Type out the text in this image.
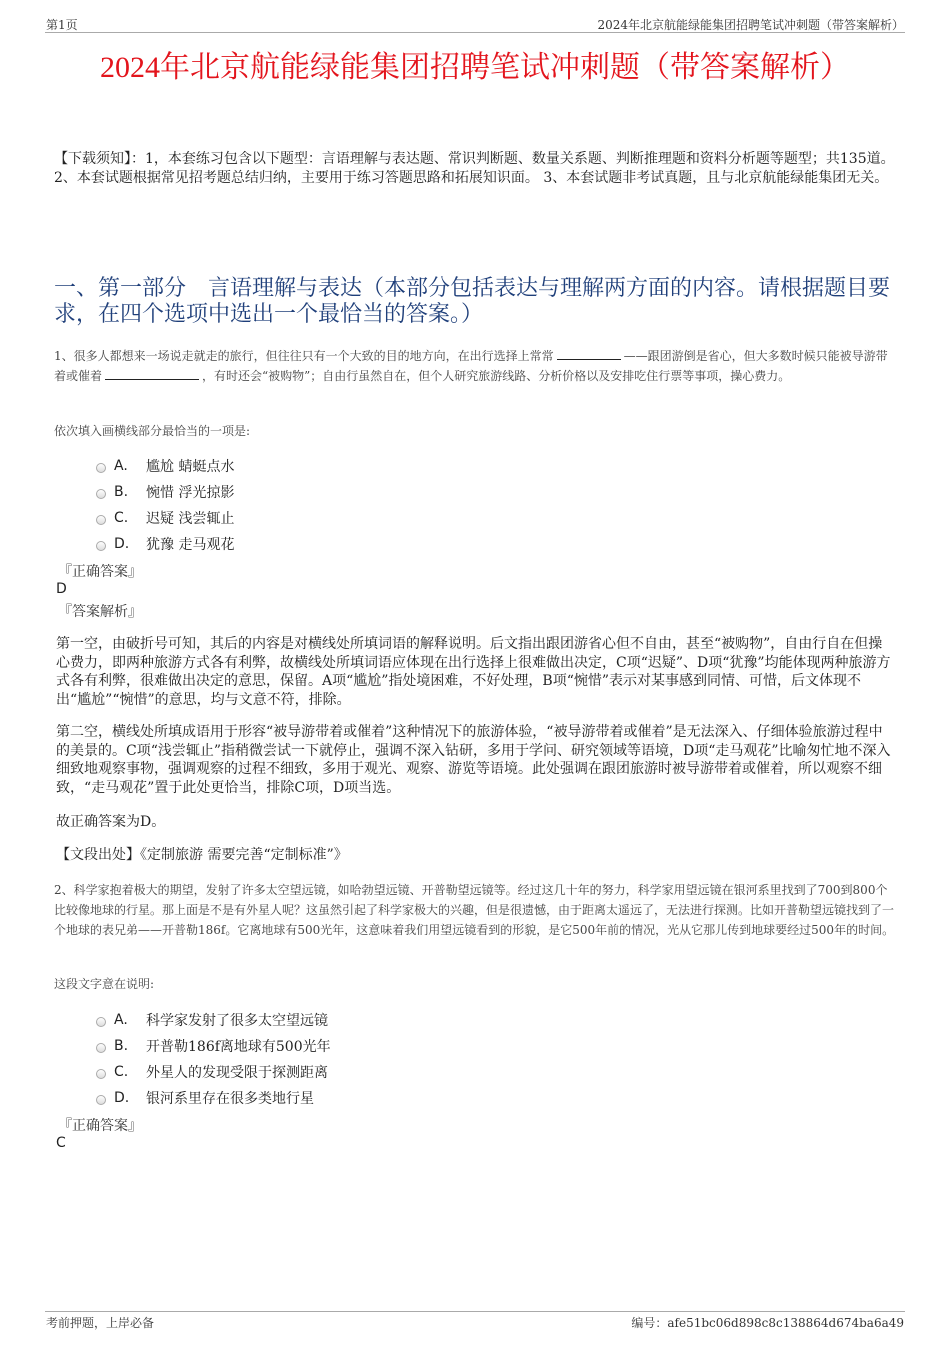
第1页	2024年北京航能绿能集团招聘笔试冲刺题（带答案解析）
2024年北京航能绿能集团招聘笔试冲刺题（带答案解析）
【下载须知】：1，本套练习包含以下题型：言语理解与表达题、常识判断题、数量关系题、判断推理题和资料分析题等题型；共135道。 2、本套试题根据常见招考题总结归纳，主要用于练习答题思路和拓展知识面。 3、本套试题非考试真题，且与北京航能绿能集团无关。
一、第一部分　言语理解与表达（本部分包括表达与理解两方面的内容。请根据题目要求，在四个选项中选出一个最恰当的答案。）
1、很多人都想来一场说走就走的旅行，但往往只有一个大致的目的地方向，在出行选择上常常	——跟团游倒是省心，但大多数时候只能被导游带着或催着	，有时还会“被购物”；自由行虽然自在，但个人研究旅游线路、分析价格以及安排吃住行票等事项，操心费力。
依次填入画横线部分最恰当的一项是:
A.	尴尬 蜻蜓点水
B.	惋惜 浮光掠影
C.	迟疑 浅尝辄止
D.	犹豫 走马观花
『正确答案』
D
『答案解析』
第一空，由破折号可知，其后的内容是对横线处所填词语的解释说明。后文指出跟团游省心但不自由，甚至“被购物”，自由行自在但操心费力，即两种旅游方式各有利弊，故横线处所填词语应体现在出行选择上很难做出决定，C项“迟疑”、D项“犹豫”均能体现两种旅游方式各有利弊，很难做出决定的意思，保留。A项“尴尬”指处境困难，不好处理，B项“惋惜”表示对某事感到同情、可惜，后文体现不出“尴尬”“惋惜”的意思，均与文意不符，排除。
第二空，横线处所填成语用于形容“被导游带着或催着”这种情况下的旅游体验，“被导游带着或催着”是无法深入、仔细体验旅游过程中的美景的。C项“浅尝辄止”指稍微尝试一下就停止，强调不深入钻研，多用于学问、研究领域等语境，D项“走马观花”比喻匆忙地不深入细致地观察事物，强调观察的过程不细致，多用于观光、观察、游览等语境。此处强调在跟团旅游时被导游带着或催着，所以观察不细致，“走马观花”置于此处更恰当，排除C项，D项当选。
故正确答案为D。
【文段出处】《定制旅游 需要完善“定制标准”》
2、科学家抱着极大的期望，发射了许多太空望远镜，如哈勃望远镜、开普勒望远镜等。经过这几十年的努力，科学家用望远镜在银河系里找到了700到800个比较像地球的行星。那上面是不是有外星人呢？这虽然引起了科学家极大的兴趣，但是很遗憾，由于距离太遥远了，无法进行探测。比如开普勒望远镜找到了一个地球的表兄弟——开普勒186f。它离地球有500光年，这意味着我们用望远镜看到的形貌，是它500年前的情况，光从它那儿传到地球要经过500年的时间。
这段文字意在说明:
A.	科学家发射了很多太空望远镜
B.	开普勒186f离地球有500光年
C.	外星人的发现受限于探测距离
D.	银河系里存在很多类地行星
『正确答案』
C
考前押题，上岸必备	编号：afe51bc06d898c8c138864d674ba6a49
